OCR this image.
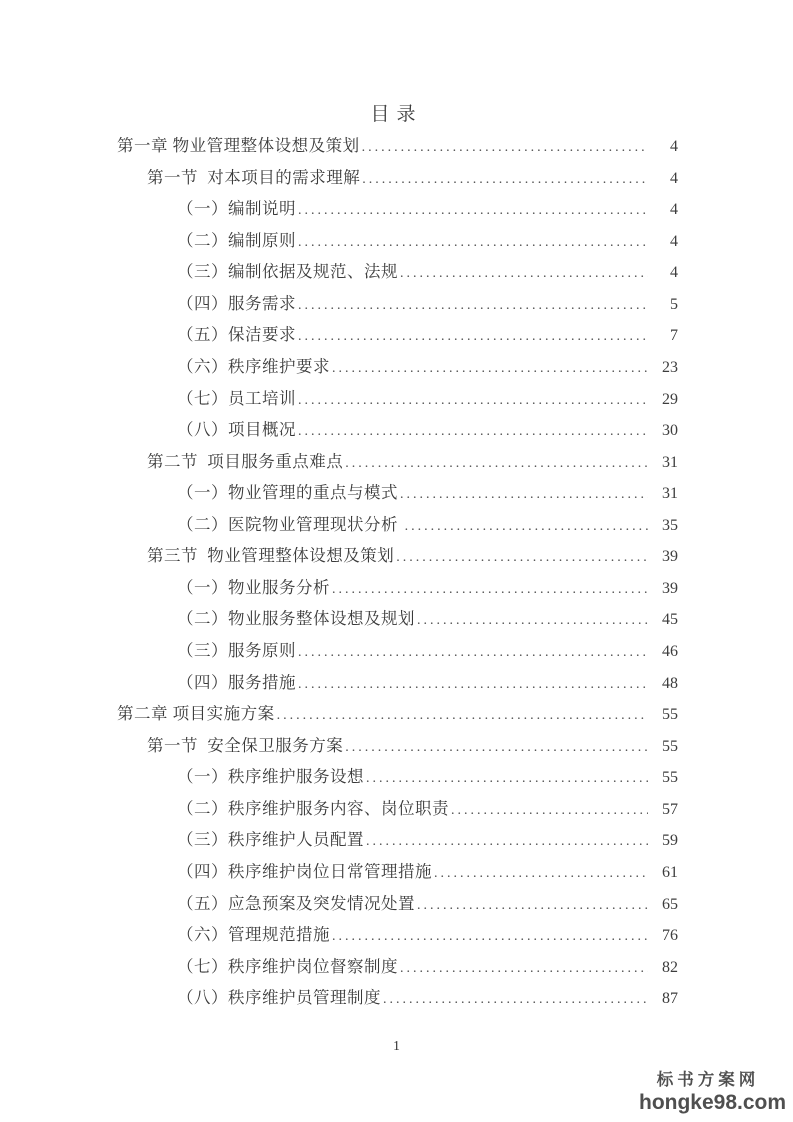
目录
第一章 物业管理整体设想及策划 .....	4
第一节  对本项目的需求理解 .....	4
（一）编制说明 .....	4
（二）编制原则 .....	4
（三）编制依据及规范、法规 .....	4
（四）服务需求 .....	5
（五）保洁要求 .....	7
（六）秩序维护要求 .....	23
（七）员工培训 .....	29
（八）项目概况 .....	30
第二节  项目服务重点难点 .....	31
（一）物业管理的重点与模式 .....	31
（二）医院物业管理现状分析 .....	35
第三节  物业管理整体设想及策划 .....	39
（一）物业服务分析 .....	39
（二）物业服务整体设想及规划 .....	45
（三）服务原则 .....	46
（四）服务措施 .....	48
第二章 项目实施方案 .....	55
第一节  安全保卫服务方案 .....	55
（一）秩序维护服务设想 .....	55
（二）秩序维护服务内容、岗位职责 .....	57
（三）秩序维护人员配置 .....	59
（四）秩序维护岗位日常管理措施 .....	61
（五）应急预案及突发情况处置 .....	65
（六）管理规范措施 .....	76
（七）秩序维护岗位督察制度 .....	82
（八）秩序维护员管理制度 .....	87
1
标书方案网
hongke98.com
